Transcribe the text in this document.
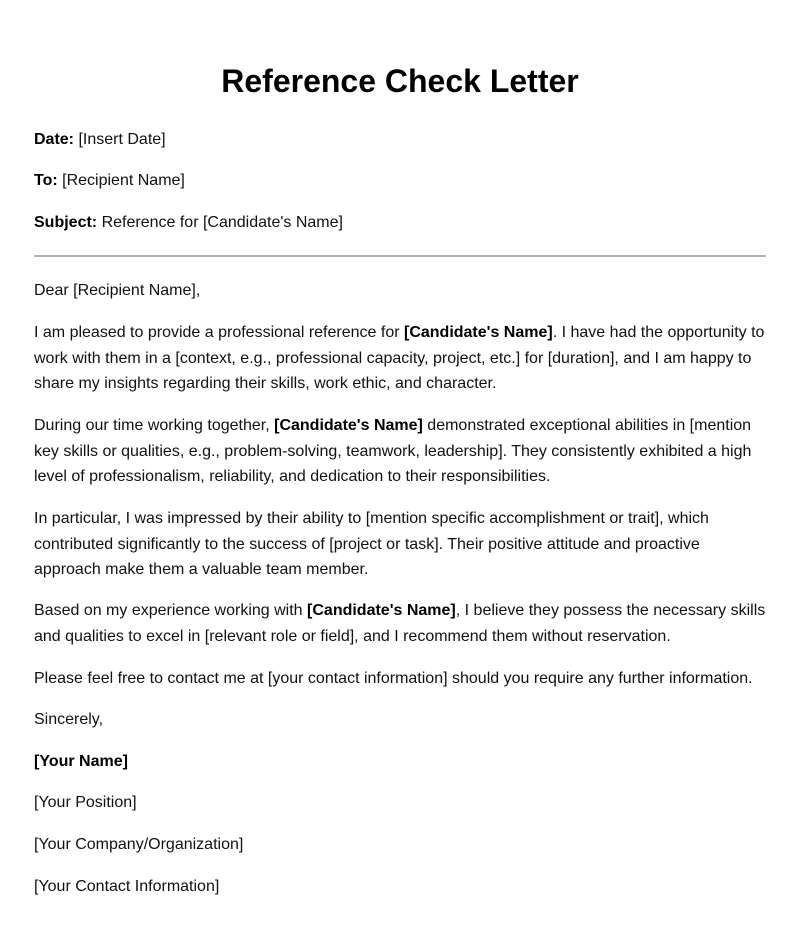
Reference Check Letter

Date: [Insert Date]

To: [Recipient Name]

Subject: Reference for [Candidate's Name]

Dear [Recipient Name],

I am pleased to provide a professional reference for [Candidate's Name]. I have had the opportunity to work with them in a [context, e.g., professional capacity, project, etc.] for [duration], and I am happy to share my insights regarding their skills, work ethic, and character.

During our time working together, [Candidate's Name] demonstrated exceptional abilities in [mention key skills or qualities, e.g., problem-solving, teamwork, leadership]. They consistently exhibited a high level of professionalism, reliability, and dedication to their responsibilities.

In particular, I was impressed by their ability to [mention specific accomplishment or trait], which contributed significantly to the success of [project or task]. Their positive attitude and proactive approach make them a valuable team member.

Based on my experience working with [Candidate's Name], I believe they possess the necessary skills and qualities to excel in [relevant role or field], and I recommend them without reservation.

Please feel free to contact me at [your contact information] should you require any further information.

Sincerely,

[Your Name]

[Your Position]

[Your Company/Organization]

[Your Contact Information]
